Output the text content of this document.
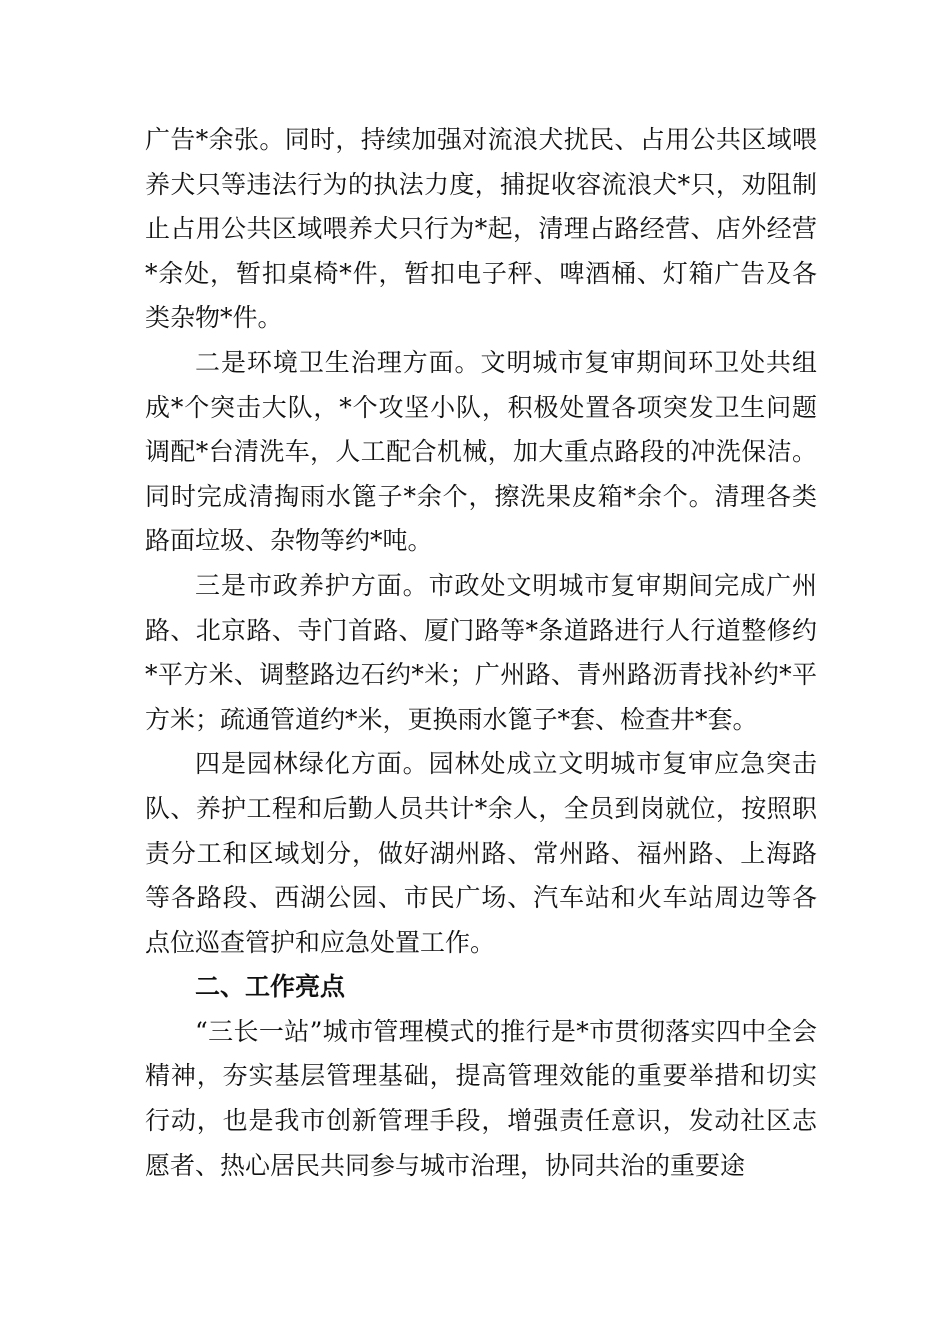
广告*余张。同时，持续加强对流浪犬扰民、占用公共区域喂养犬只等违法行为的执法力度，捕捉收容流浪犬*只，劝阻制止占用公共区域喂养犬只行为*起，清理占路经营、店外经营*余处，暂扣桌椅*件，暂扣电子秤、啤酒桶、灯箱广告及各类杂物*件。

二是环境卫生治理方面。文明城市复审期间环卫处共组成*个突击大队，*个攻坚小队，积极处置各项突发卫生问题调配*台清洗车，人工配合机械，加大重点路段的冲洗保洁。同时完成清掏雨水篦子*余个，擦洗果皮箱*余个。清理各类路面垃圾、杂物等约*吨。

三是市政养护方面。市政处文明城市复审期间完成广州路、北京路、寺门首路、厦门路等*条道路进行人行道整修约*平方米、调整路边石约*米；广州路、青州路沥青找补约*平方米；疏通管道约*米，更换雨水篦子*套、检查井*套。

四是园林绿化方面。园林处成立文明城市复审应急突击队、养护工程和后勤人员共计*余人，全员到岗就位，按照职责分工和区域划分，做好湖州路、常州路、福州路、上海路等各路段、西湖公园、市民广场、汽车站和火车站周边等各点位巡查管护和应急处置工作。

二、工作亮点

“三长一站”城市管理模式的推行是*市贯彻落实四中全会精神，夯实基层管理基础，提高管理效能的重要举措和切实行动，也是我市创新管理手段，增强责任意识，发动社区志愿者、热心居民共同参与城市治理，协同共治的重要途
